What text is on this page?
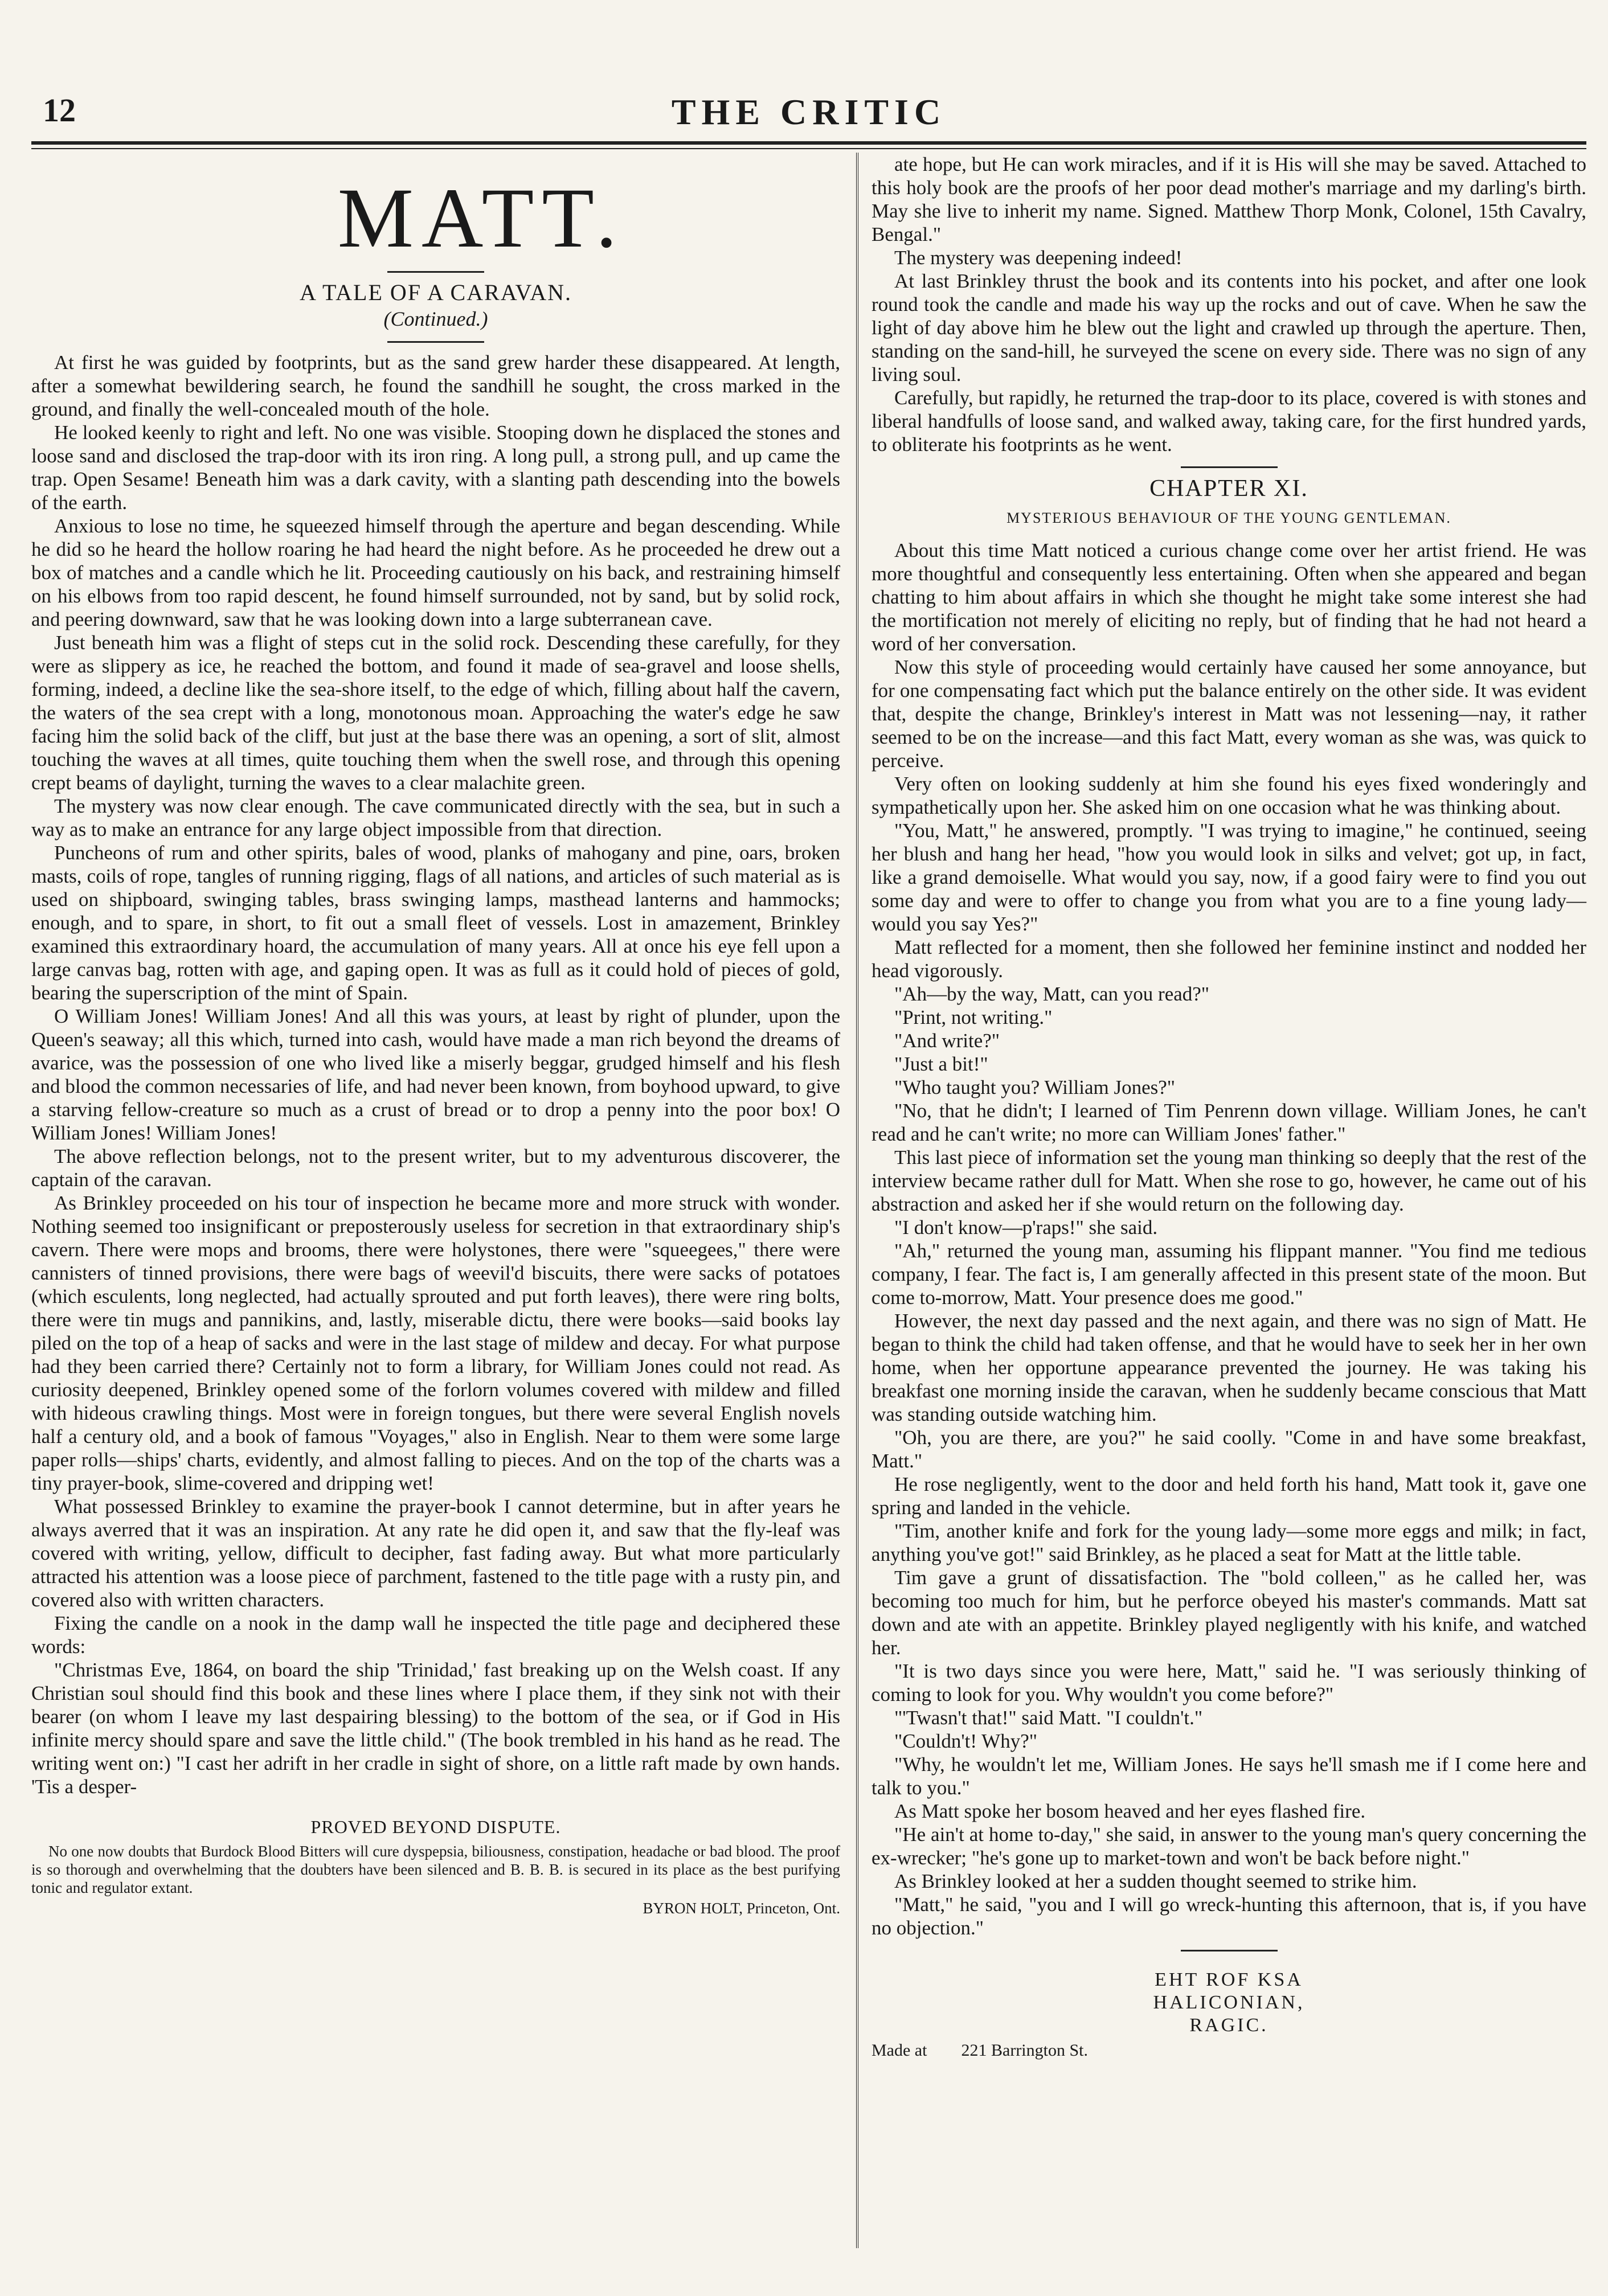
12	THE CRITIC
MATT.
A TALE OF A CARAVAN.
(Continued.)

At first he was guided by footprints, but as the sand grew harder these disappeared. At length, after a somewhat bewildering search, he found the sandhill he sought, the cross marked in the ground, and finally the well-concealed mouth of the hole.

He looked keenly to right and left. No one was visible. Stooping down he displaced the stones and loose sand and disclosed the trap-door with its iron ring. A long pull, a strong pull, and up came the trap. Open Sesame! Beneath him was a dark cavity, with a slanting path descending into the bowels of the earth.

Anxious to lose no time, he squeezed himself through the aperture and began descending. While he did so he heard the hollow roaring he had heard the night before. As he proceeded he drew out a box of matches and a candle which he lit. Proceeding cautiously on his back, and restraining himself on his elbows from too rapid descent, he found himself surrounded, not by sand, but by solid rock, and peering downward, saw that he was looking down into a large subterranean cave.

Just beneath him was a flight of steps cut in the solid rock. Descending these carefully, for they were as slippery as ice, he reached the bottom, and found it made of sea-gravel and loose shells, forming, indeed, a decline like the sea-shore itself, to the edge of which, filling about half the cavern, the waters of the sea crept with a long, monotonous moan. Approaching the water's edge he saw facing him the solid back of the cliff, but just at the base there was an opening, a sort of slit, almost touching the waves at all times, quite touching them when the swell rose, and through this opening crept beams of daylight, turning the waves to a clear malachite green.

The mystery was now clear enough. The cave communicated directly with the sea, but in such a way as to make an entrance for any large object impossible from that direction.

Puncheons of rum and other spirits, bales of wood, planks of mahogany and pine, oars, broken masts, coils of rope, tangles of running rigging, flags of all nations, and articles of such material as is used on shipboard, swinging tables, brass swinging lamps, masthead lanterns and hammocks; enough, and to spare, in short, to fit out a small fleet of vessels. Lost in amazement, Brinkley examined this extraordinary hoard, the accumulation of many years. All at once his eye fell upon a large canvas bag, rotten with age, and gaping open. It was as full as it could hold of pieces of gold, bearing the superscription of the mint of Spain.

O William Jones! William Jones! And all this was yours, at least by right of plunder, upon the Queen's seaway; all this which, turned into cash, would have made a man rich beyond the dreams of avarice, was the possession of one who lived like a miserly beggar, grudged himself and his flesh and blood the common necessaries of life, and had never been known, from boyhood upward, to give a starving fellow-creature so much as a crust of bread or to drop a penny into the poor box! O William Jones! William Jones!

The above reflection belongs, not to the present writer, but to my adventurous discoverer, the captain of the caravan.

As Brinkley proceeded on his tour of inspection he became more and more struck with wonder. Nothing seemed too insignificant or preposterously useless for secretion in that extraordinary ship's cavern. There were mops and brooms, there were holystones, there were "squeegees," there were cannisters of tinned provisions, there were bags of weevil'd biscuits, there were sacks of potatoes (which esculents, long neglected, had actually sprouted and put forth leaves), there were ring bolts, there were tin mugs and pannikins, and, lastly, miserable dictu, there were books—said books lay piled on the top of a heap of sacks and were in the last stage of mildew and decay. For what purpose had they been carried there? Certainly not to form a library, for William Jones could not read. As curiosity deepened, Brinkley opened some of the forlorn volumes covered with mildew and filled with hideous crawling things. Most were in foreign tongues, but there were several English novels half a century old, and a book of famous "Voyages," also in English. Near to them were some large paper rolls—ships' charts, evidently, and almost falling to pieces. And on the top of the charts was a tiny prayer-book, slime-covered and dripping wet!

What possessed Brinkley to examine the prayer-book I cannot determine, but in after years he always averred that it was an inspiration. At any rate he did open it, and saw that the fly-leaf was covered with writing, yellow, difficult to decipher, fast fading away. But what more particularly attracted his attention was a loose piece of parchment, fastened to the title page with a rusty pin, and covered also with written characters.

Fixing the candle on a nook in the damp wall he inspected the title page and deciphered these words:

"Christmas Eve, 1864, on board the ship 'Trinidad,' fast breaking up on the Welsh coast. If any Christian soul should find this book and these lines where I place them, if they sink not with their bearer (on whom I leave my last despairing blessing) to the bottom of the sea, or if God in His infinite mercy should spare and save the little child." (The book trembled in his hand as he read. The writing went on:) "I cast her adrift in her cradle in sight of shore, on a little raft made by own hands. 'Tis a desper-

PROVED BEYOND DISPUTE.

No one now doubts that Burdock Blood Bitters will cure dyspepsia, biliousness, constipation, headache or bad blood. The proof is so thorough and overwhelming that the doubters have been silenced and B. B. B. is secured in its place as the best purifying tonic and regulator extant.

BYRON HOLT, Princeton, Ont.

ate hope, but He can work miracles, and if it is His will she may be saved. Attached to this holy book are the proofs of her poor dead mother's marriage and my darling's birth. May she live to inherit my name. Signed. Matthew Thorp Monk, Colonel, 15th Cavalry, Bengal."

The mystery was deepening indeed!

At last Brinkley thrust the book and its contents into his pocket, and after one look round took the candle and made his way up the rocks and out of cave. When he saw the light of day above him he blew out the light and crawled up through the aperture. Then, standing on the sand-hill, he surveyed the scene on every side. There was no sign of any living soul.

Carefully, but rapidly, he returned the trap-door to its place, covered is with stones and liberal handfulls of loose sand, and walked away, taking care, for the first hundred yards, to obliterate his footprints as he went.

CHAPTER XI.
MYSTERIOUS BEHAVIOUR OF THE YOUNG GENTLEMAN.

About this time Matt noticed a curious change come over her artist friend. He was more thoughtful and consequently less entertaining. Often when she appeared and began chatting to him about affairs in which she thought he might take some interest she had the mortification not merely of eliciting no reply, but of finding that he had not heard a word of her conversation.

Now this style of proceeding would certainly have caused her some annoyance, but for one compensating fact which put the balance entirely on the other side. It was evident that, despite the change, Brinkley's interest in Matt was not lessening—nay, it rather seemed to be on the increase—and this fact Matt, every woman as she was, was quick to perceive.

Very often on looking suddenly at him she found his eyes fixed wonderingly and sympathetically upon her. She asked him on one occasion what he was thinking about.

"You, Matt," he answered, promptly. "I was trying to imagine," he continued, seeing her blush and hang her head, "how you would look in silks and velvet; got up, in fact, like a grand demoiselle. What would you say, now, if a good fairy were to find you out some day and were to offer to change you from what you are to a fine young lady—would you say Yes?"

Matt reflected for a moment, then she followed her feminine instinct and nodded her head vigorously.

"Ah—by the way, Matt, can you read?"

"Print, not writing."

"And write?"

"Just a bit!"

"Who taught you? William Jones?"

"No, that he didn't; I learned of Tim Penrenn down village. William Jones, he can't read and he can't write; no more can William Jones' father."

This last piece of information set the young man thinking so deeply that the rest of the interview became rather dull for Matt. When she rose to go, however, he came out of his abstraction and asked her if she would return on the following day.

"I don't know—p'raps!" she said.

"Ah," returned the young man, assuming his flippant manner. "You find me tedious company, I fear. The fact is, I am generally affected in this present state of the moon. But come to-morrow, Matt. Your presence does me good."

However, the next day passed and the next again, and there was no sign of Matt. He began to think the child had taken offense, and that he would have to seek her in her own home, when her opportune appearance prevented the journey. He was taking his breakfast one morning inside the caravan, when he suddenly became conscious that Matt was standing outside watching him.

"Oh, you are there, are you?" he said coolly. "Come in and have some breakfast, Matt."

He rose negligently, went to the door and held forth his hand, Matt took it, gave one spring and landed in the vehicle.

"Tim, another knife and fork for the young lady—some more eggs and milk; in fact, anything you've got!" said Brinkley, as he placed a seat for Matt at the little table.

Tim gave a grunt of dissatisfaction. The "bold colleen," as he called her, was becoming too much for him, but he perforce obeyed his master's commands. Matt sat down and ate with an appetite. Brinkley played negligently with his knife, and watched her.

"It is two days since you were here, Matt," said he. "I was seriously thinking of coming to look for you. Why wouldn't you come before?"

"'Twasn't that!" said Matt. "I couldn't."

"Couldn't! Why?"

"Why, he wouldn't let me, William Jones. He says he'll smash me if I come here and talk to you."

As Matt spoke her bosom heaved and her eyes flashed fire.

"He ain't at home to-day," she said, in answer to the young man's query concerning the ex-wrecker; "he's gone up to market-town and won't be back before night."

As Brinkley looked at her a sudden thought seemed to strike him.

"Matt," he said, "you and I will go wreck-hunting this afternoon, that is, if you have no objection."

EHT ROF KSA
HALICONIAN,
RAGIC.
Made at 221 Barrington St.
